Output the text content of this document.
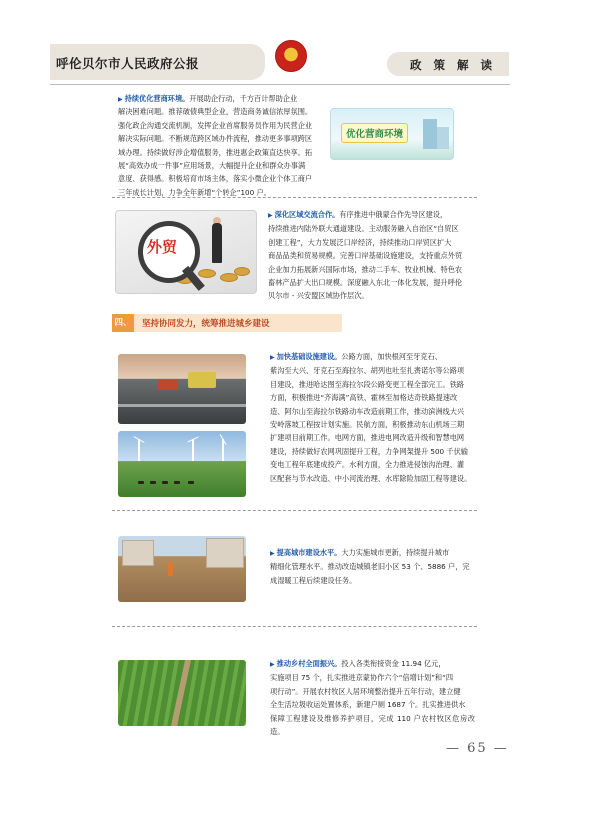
呼伦贝尔市人民政府公报	政策解读
▶ 持续优化营商环境。开展助企行动，千方百计帮助企业
解决困难问题。推荐破债典型企业，营造商务诚信浓厚氛围。
强化政企沟通交流机制，发挥企业首席服务员作用为民营企业
解决实际问题。不断规范跨区域办件流程，推动更多事项跨区
域办理。持续做好涉企增值服务，推进惠企政策直达快享。拓
展“高效办成一件事”应用场景，大幅提升企业和群众办事满
意度、获得感。积极培育市场主体，落实小微企业个体工商户
三年成长计划，力争全年新增“个转企”100 户。
优化营商环境
外贸
▶ 深化区域交流合作。有序推进中俄蒙合作先导区建设，
持续推进内陆外联大通道建设。主动服务融入自治区“自贸区
创建工程”，大力发展泛口岸经济，持续推动口岸贸区扩大
商品品类和贸易规模。完善口岸基础设施建设，支持重点外贸
企业加力拓展新兴国际市场，推动二手车、牧业机械、特色农
畜林产品扩大出口规模。深度融入东北一体化发展，提升呼伦
贝尔市 - 兴安盟区域协作层次。
四、 坚持协同发力，统筹推进城乡建设
▶ 加快基础设施建设。公路方面，加快根河至牙克石、
紫沟至大兴、牙克石至海拉尔、胡列也吐至扎赉诺尔等公路项
目建设，推进哈达图至海拉尔段公路变更工程全部完工。铁路
方面，积极推进“齐海满”高铁、霍林至加格达奇铁路提速改
造、阿尔山至海拉尔铁路动车改造前期工作，推动滨洲线大兴
安岭落坡工程按计划实施。民航方面，积极推动东山机场三期
扩建项目前期工作。电网方面，推进电网改造升级和智慧电网
建设，持续做好农网巩固提升工程，力争网架提升 500 千伏输
变电工程年底建成投产。水利方面，全力推进侵蚀沟治理、灌
区配套与节水改造、中小河流治理、水库除险加固工程等建设。
▶ 提高城市建设水平。大力实施城市更新，持续提升城市
精细化管理水平。推动改造城镇老旧小区 53 个、5886 户，完
成湿暖工程后续建设任务。
▶ 推动乡村全面振兴。投入各类衔接资金 11.94 亿元，
实施项目 75 个，扎实推进京蒙协作六个“倍增计划”和“四
项行动”。开展农村牧区人居环境整治提升五年行动，建立健
全生活垃圾收运处置体系，新建户厕 1687 个。扎实推进供水
保障工程建设及维修养护项目，完成 110 户农村牧区危房改造。
— 65 —
